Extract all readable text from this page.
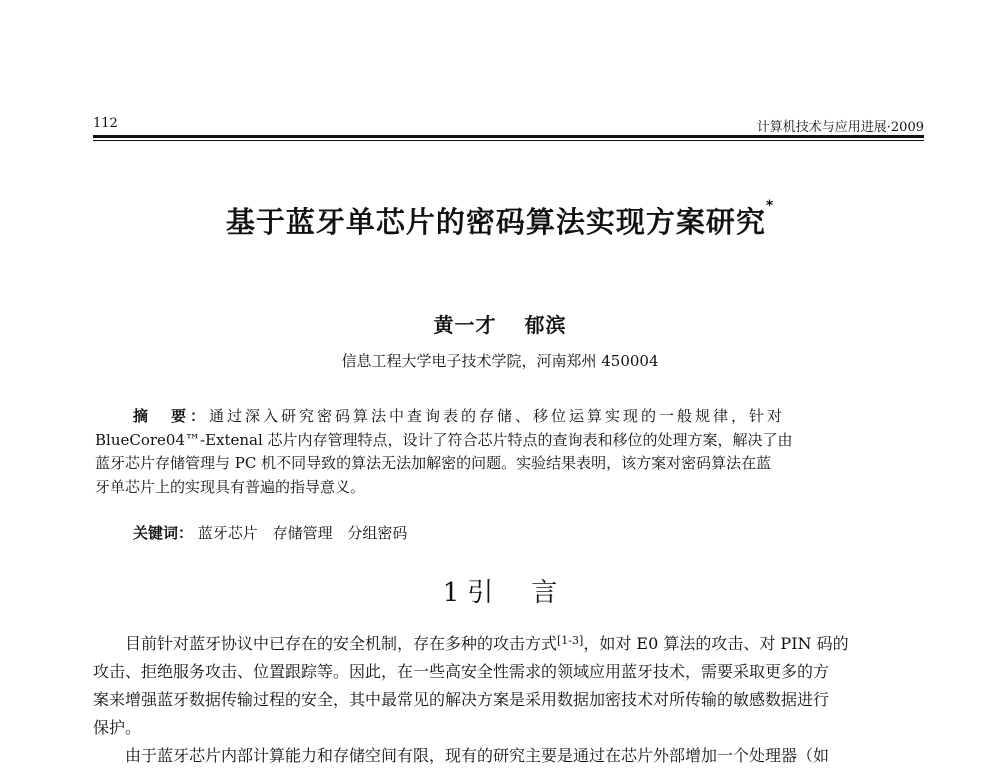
112	计算机技术与应用进展·2009
基于蓝牙单芯片的密码算法实现方案研究*
黄一才 郁滨
信息工程大学电子技术学院，河南郑州 450004
摘　要：通过深入研究密码算法中查询表的存储、移位运算实现的一般规律，针对
BlueCore04™-Extenal 芯片内存管理特点，设计了符合芯片特点的查询表和移位的处理方案，解决了由
蓝牙芯片存储管理与 PC 机不同导致的算法无法加解密的问题。实验结果表明，该方案对密码算法在蓝
牙单芯片上的实现具有普遍的指导意义。
关键词： 蓝牙芯片 存储管理 分组密码
1 引 言
目前针对蓝牙协议中已存在的安全机制，存在多种的攻击方式[1-3]，如对 E0 算法的攻击、对 PIN 码的
攻击、拒绝服务攻击、位置跟踪等。因此，在一些高安全性需求的领域应用蓝牙技术，需要采取更多的方
案来增强蓝牙数据传输过程的安全，其中最常见的解决方案是采用数据加密技术对所传输的敏感数据进行
保护。
由于蓝牙芯片内部计算能力和存储空间有限，现有的研究主要是通过在芯片外部增加一个处理器（如
